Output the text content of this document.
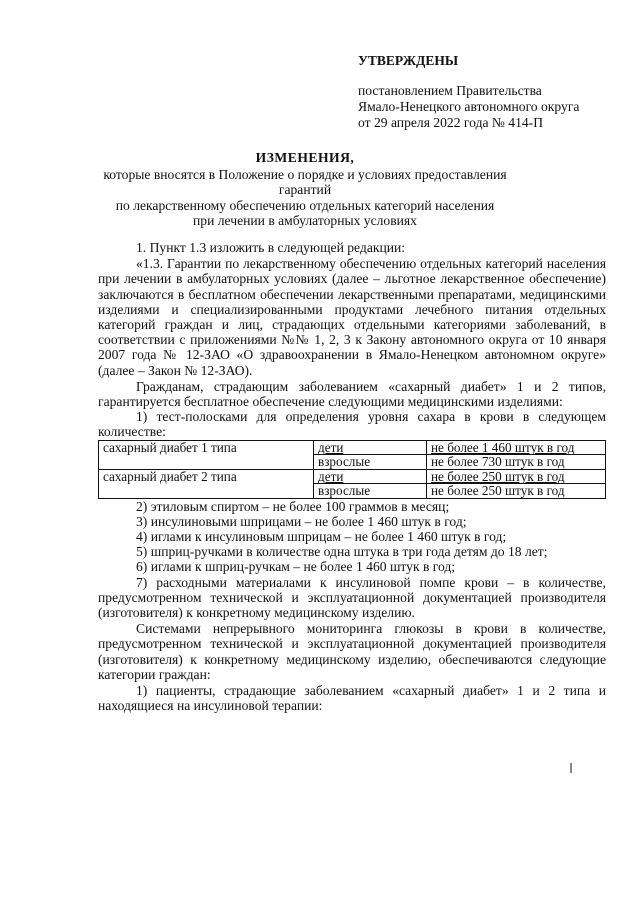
УТВЕРЖДЕНЫ
постановлением Правительства
Ямало-Ненецкого автономного округа
от 29 апреля 2022 года № 414-П
ИЗМЕНЕНИЯ,
которые вносятся в Положение о порядке и условиях предоставления гарантий
по лекарственному обеспечению отдельных категорий населения
при лечении в амбулаторных условиях

1. Пункт 1.3 изложить в следующей редакции:

«1.3. Гарантии по лекарственному обеспечению отдельных категорий населения при лечении в амбулаторных условиях (далее – льготное лекарственное обеспечение) заключаются в бесплатном обеспечении лекарственными препаратами, медицинскими изделиями и специализированными продуктами лечебного питания отдельных категорий граждан и лиц, страдающих отдельными категориями заболеваний, в соответствии с приложениями №№ 1, 2, 3 к Закону автономного округа от 10 января 2007 года № 12-ЗАО «О здравоохранении в Ямало-Ненецком автономном округе» (далее – Закон № 12-ЗАО).

Гражданам, страдающим заболеванием «сахарный диабет» 1 и 2 типов, гарантируется бесплатное обеспечение следующими медицинскими изделиями:

1) тест-полосками для определения уровня сахара в крови в следующем количестве:

сахарный диабет 1 типа	дети	не более 1 460 штук в год
	взрослые	не более 730 штук в год
сахарный диабет 2 типа	дети	не более 250 штук в год
	взрослые	не более 250 штук в год

2) этиловым спиртом – не более 100 граммов в месяц;

3) инсулиновыми шприцами – не более 1 460 штук в год;

4) иглами к инсулиновым шприцам – не более 1 460 штук в год;

5) шприц-ручками в количестве одна штука в три года детям до 18 лет;

6) иглами к шприц-ручкам – не более 1 460 штук в год;

7) расходными материалами к инсулиновой помпе крови – в количестве, предусмотренном технической и эксплуатационной документацией производителя (изготовителя) к конкретному медицинскому изделию.

Системами непрерывного мониторинга глюкозы в крови в количестве, предусмотренном технической и эксплуатационной документацией производителя (изготовителя) к конкретному медицинскому изделию, обеспечиваются следующие категории граждан:

1) пациенты, страдающие заболеванием «сахарный диабет» 1 и 2 типа и находящиеся на инсулиновой терапии:
